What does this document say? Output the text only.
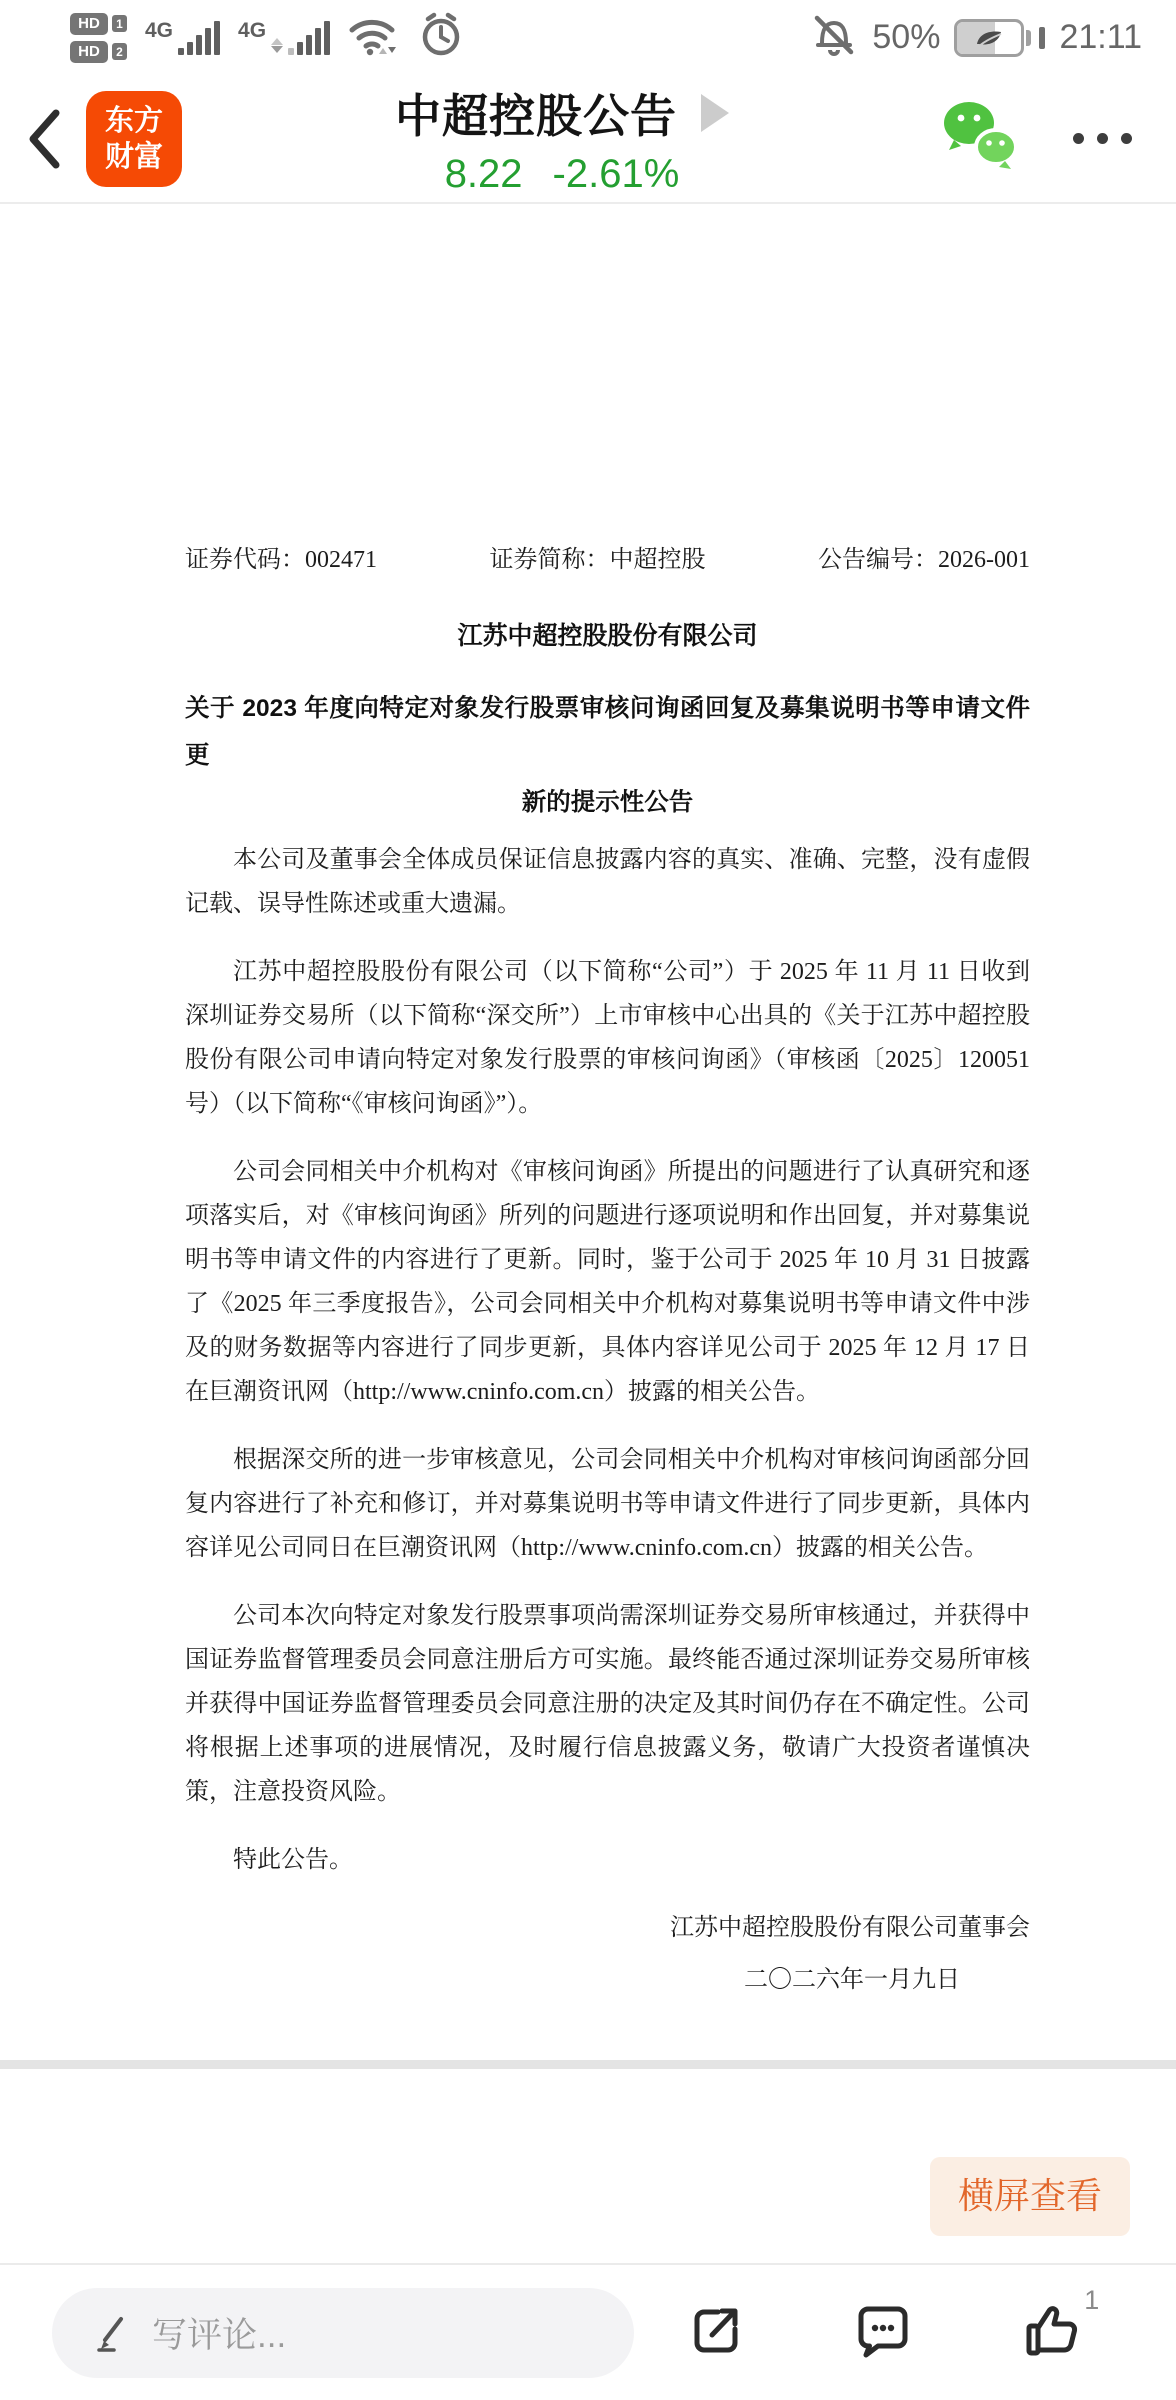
HD	1
HD	2
4G	4G	50%	21:11
东方
财富
中超控股公告
8.22 -2.61%
证券代码：002471	证券简称：中超控股	公告编号：2026-001
江苏中超控股股份有限公司
关于 2023 年度向特定对象发行股票审核问询函回复及募集说明书等申请文件更
新的提示性公告

本公司及董事会全体成员保证信息披露内容的真实、准确、完整，没有虚假记载、误导性陈述或重大遗漏。

江苏中超控股股份有限公司（以下简称“公司”）于 2025 年 11 月 11 日收到深圳证券交易所（以下简称“深交所”）上市审核中心出具的《关于江苏中超控股股份有限公司申请向特定对象发行股票的审核问询函》（审核函〔2025〕120051号）（以下简称“《审核问询函》”）。

公司会同相关中介机构对《审核问询函》所提出的问题进行了认真研究和逐项落实后，对《审核问询函》所列的问题进行逐项说明和作出回复，并对募集说明书等申请文件的内容进行了更新。同时，鉴于公司于 2025 年 10 月 31 日披露了《2025 年三季度报告》，公司会同相关中介机构对募集说明书等申请文件中涉及的财务数据等内容进行了同步更新，具体内容详见公司于 2025 年 12 月 17 日在巨潮资讯网（http://www.cninfo.com.cn）披露的相关公告。

根据深交所的进一步审核意见，公司会同相关中介机构对审核问询函部分回复内容进行了补充和修订，并对募集说明书等申请文件进行了同步更新，具体内容详见公司同日在巨潮资讯网（http://www.cninfo.com.cn）披露的相关公告。

公司本次向特定对象发行股票事项尚需深圳证券交易所审核通过，并获得中国证券监督管理委员会同意注册后方可实施。最终能否通过深圳证券交易所审核并获得中国证券监督管理委员会同意注册的决定及其时间仍存在不确定性。公司将根据上述事项的进展情况，及时履行信息披露义务，敬请广大投资者谨慎决策，注意投资风险。

特此公告。

江苏中超控股股份有限公司董事会
二〇二六年一月九日
横屏查看
写评论...
1
